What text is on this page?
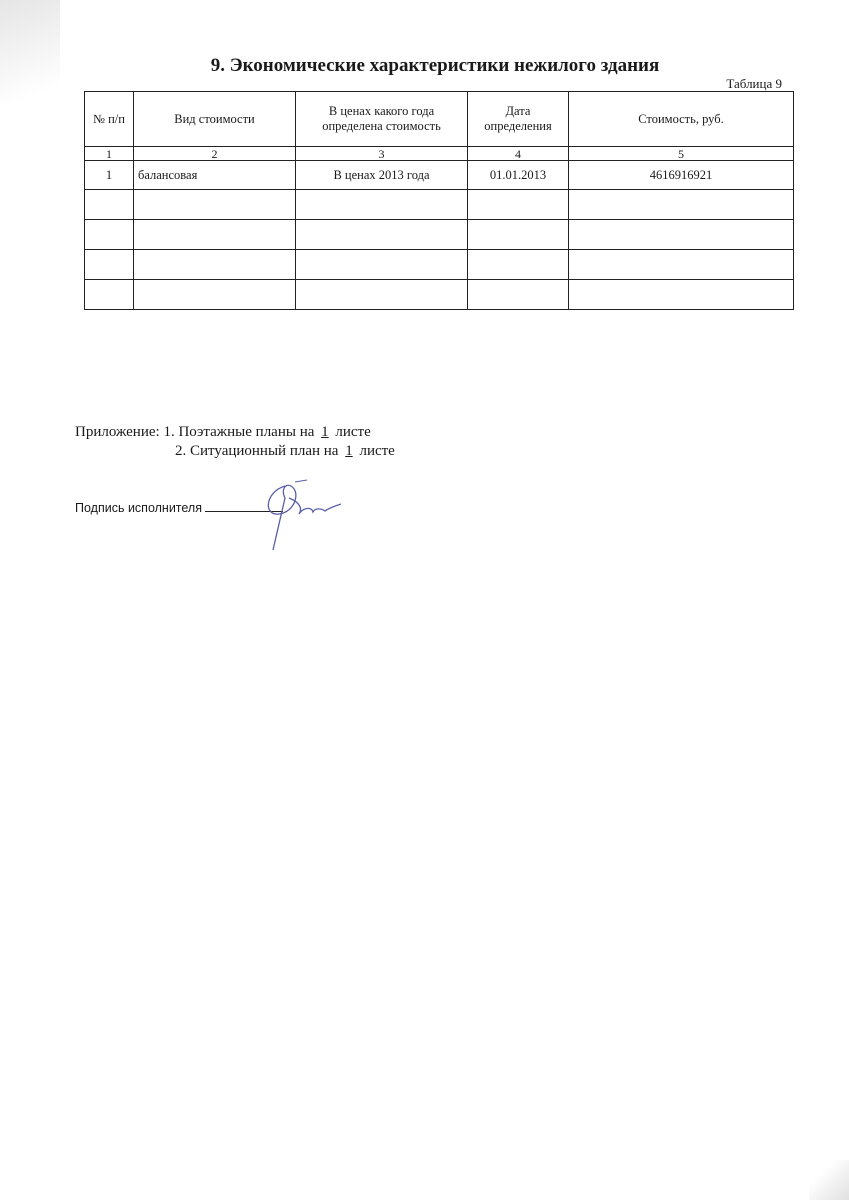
9. Экономические характеристики нежилого здания
Таблица 9
№ п/п	Вид стоимости	В ценах какого года определена стоимость	Дата определения	Стоимость, руб.
1	2	3	4	5
1	балансовая	В ценах 2013 года	01.01.2013	4616916921

Приложение: 1. Поэтажные планы на 1 листе
2. Ситуационный план на 1 листе
Подпись исполнителя
